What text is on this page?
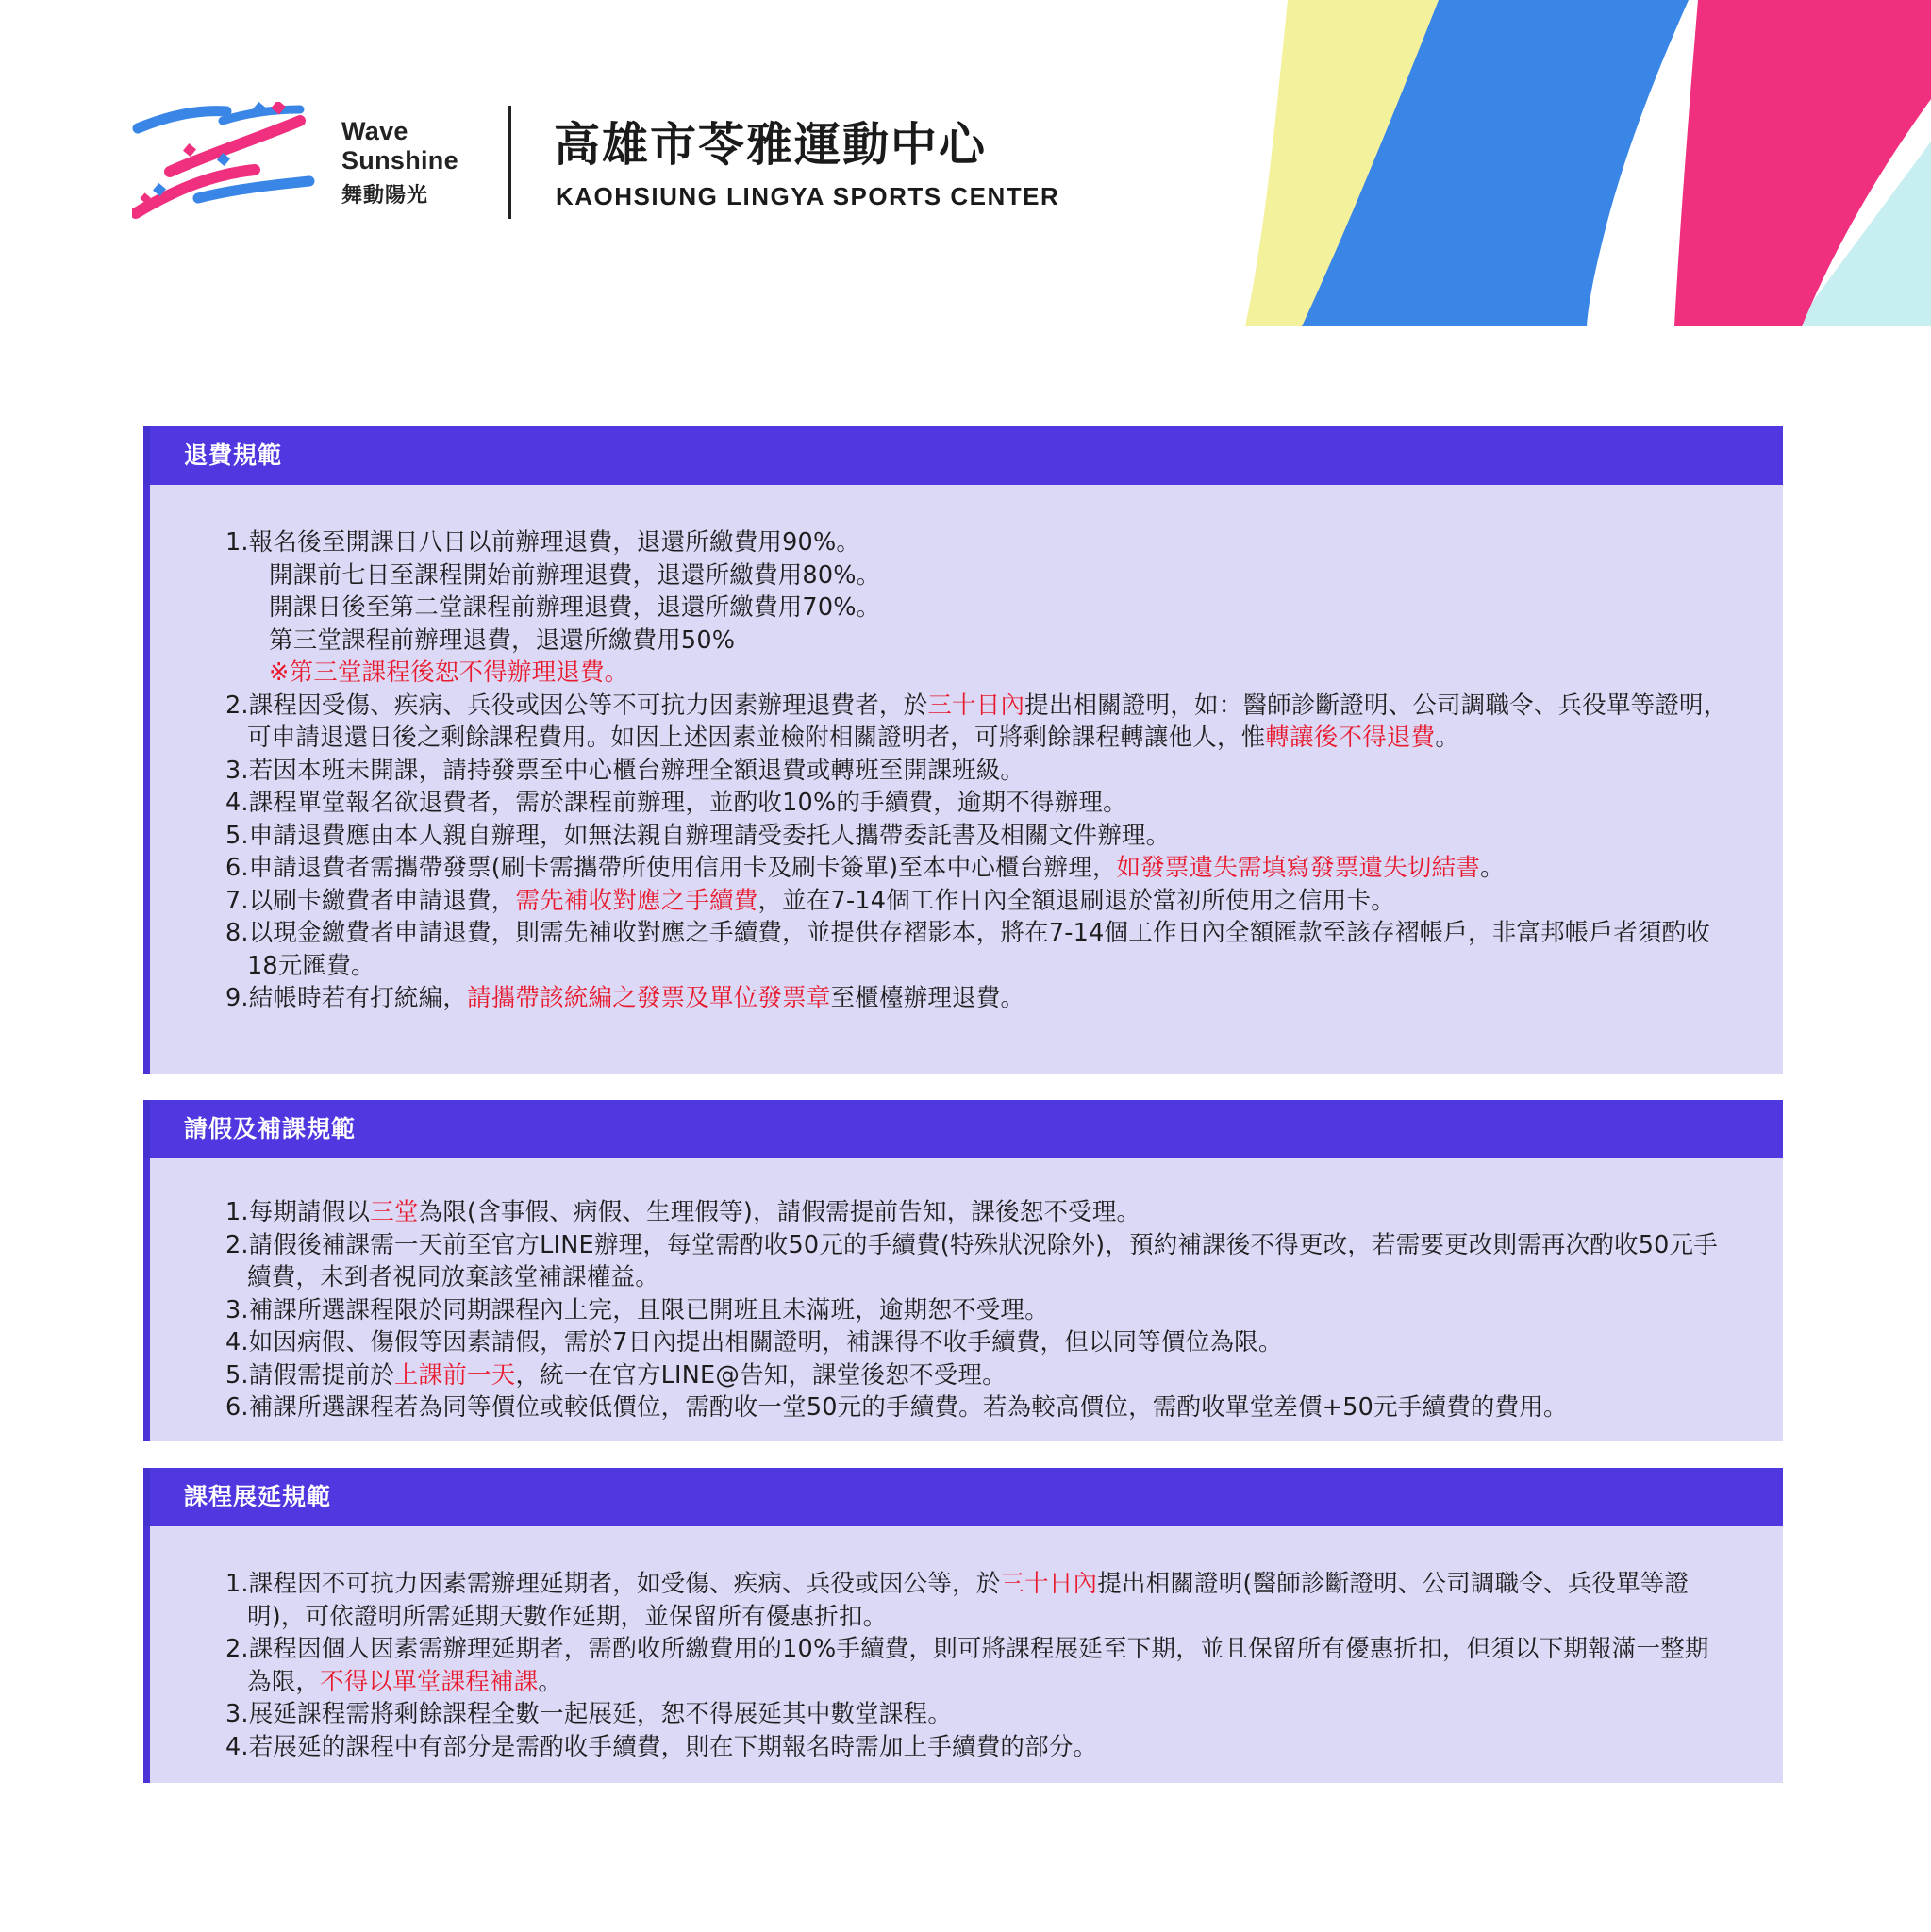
Wave
Sunshine
舞動陽光
高雄市苓雅運動中心
KAOHSIUNG LINGYA SPORTS CENTER
退費規範
1.報名後至開課日八日以前辦理退費，退還所繳費用90%。
開課前七日至課程開始前辦理退費，退還所繳費用80%。
開課日後至第二堂課程前辦理退費，退還所繳費用70%。
第三堂課程前辦理退費，退還所繳費用50%
※第三堂課程後恕不得辦理退費。
2.課程因受傷、疾病、兵役或因公等不可抗力因素辦理退費者，於三十日內提出相關證明，如：醫師診斷證明、公司調職令、兵役單等證明，可申請退還日後之剩餘課程費用。如因上述因素並檢附相關證明者，可將剩餘課程轉讓他人，惟轉讓後不得退費。
3.若因本班未開課，請持發票至中心櫃台辦理全額退費或轉班至開課班級。
4.課程單堂報名欲退費者，需於課程前辦理，並酌收10%的手續費，逾期不得辦理。
5.申請退費應由本人親自辦理，如無法親自辦理請受委托人攜帶委託書及相關文件辦理。
6.申請退費者需攜帶發票(刷卡需攜帶所使用信用卡及刷卡簽單)至本中心櫃台辦理，如發票遺失需填寫發票遺失切結書。
7.以刷卡繳費者申請退費，需先補收對應之手續費，並在7-14個工作日內全額退刷退於當初所使用之信用卡。
8.以現金繳費者申請退費，則需先補收對應之手續費，並提供存褶影本，將在7-14個工作日內全額匯款至該存褶帳戶，非富邦帳戶者須酌收18元匯費。
9.結帳時若有打統編，請攜帶該統編之發票及單位發票章至櫃檯辦理退費。
請假及補課規範
1.每期請假以三堂為限(含事假、病假、生理假等)，請假需提前告知，課後恕不受理。
2.請假後補課需一天前至官方LINE辦理，每堂需酌收50元的手續費(特殊狀況除外)，預約補課後不得更改，若需要更改則需再次酌收50元手續費，未到者視同放棄該堂補課權益。
3.補課所選課程限於同期課程內上完，且限已開班且未滿班，逾期恕不受理。
4.如因病假、傷假等因素請假，需於7日內提出相關證明，補課得不收手續費，但以同等價位為限。
5.請假需提前於上課前一天，統一在官方LINE@告知，課堂後恕不受理。
6.補課所選課程若為同等價位或較低價位，需酌收一堂50元的手續費。若為較高價位，需酌收單堂差價+50元手續費的費用。
課程展延規範
1.課程因不可抗力因素需辦理延期者，如受傷、疾病、兵役或因公等，於三十日內提出相關證明(醫師診斷證明、公司調職令、兵役單等證明)，可依證明所需延期天數作延期，並保留所有優惠折扣。
2.課程因個人因素需辦理延期者，需酌收所繳費用的10%手續費，則可將課程展延至下期，並且保留所有優惠折扣，但須以下期報滿一整期為限，不得以單堂課程補課。
3.展延課程需將剩餘課程全數一起展延，恕不得展延其中數堂課程。
4.若展延的課程中有部分是需酌收手續費，則在下期報名時需加上手續費的部分。
